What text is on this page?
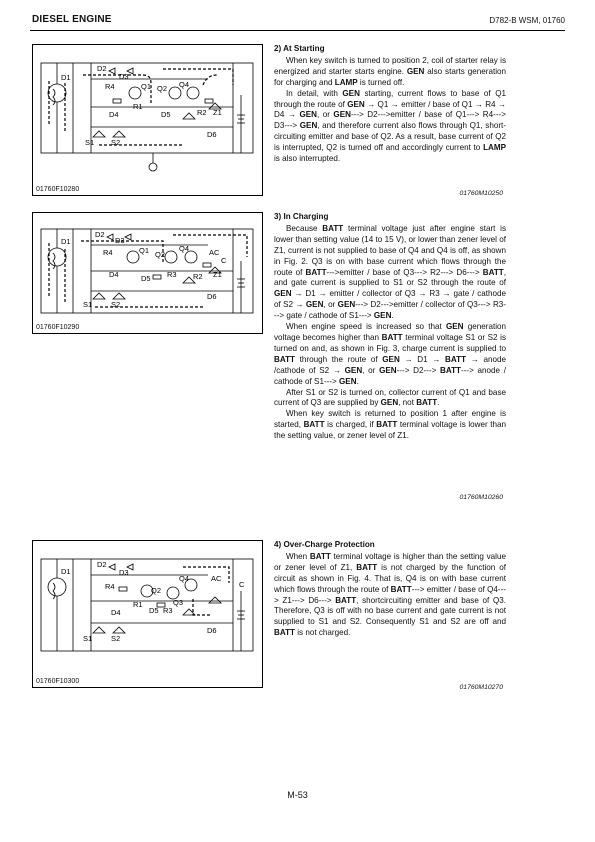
DIESEL ENGINE	D782-B WSM, 01760
D1
D2
D3
R4	Q1 Q2 Q4
R1
R2 Z1
D4	D5
D6
S1 S2
01760F10280
D1
D2
D3
R4	Q1 Q2
Q4	AC
C
Z1
R2
R3
D4	D5
D6
S1	S2
01760F10290
D1
D2
D3
R4	Q2
Q3
Q4	AC
C
R1
R3
D4	D5
D6
S1	S2
01760F10300
2) At Starting

When key switch is turned to position 2, coil of starter relay is energized and starter starts engine. GEN also starts generation for charging and LAMP is turned off.

In detail, with GEN starting, current flows to base of Q1 through the route of GEN → Q1 → emitter / base of Q1 → R4 → D4 → GEN, or GEN---> D2--->emitter / base of Q1---> R4---> D3---> GEN, and therefore current also flows through Q1, short-circuiting emitter and base of Q2. As a result, base current of Q2 is interrupted, Q2 is turned off and accordingly current to LAMP is also interrupted.

01760M10250
3) In Charging

Because BATT terminal voltage just after engine start is lower than setting value (14 to 15 V), or lower than zener level of Z1, current is not supplied to base of Q4 and Q4 is off, as shown in Fig. 2. Q3 is on with base current which flows through the route of BATT--->emitter / base of Q3---> R2---> D6---> BATT, and gate current is supplied to S1 or S2 through the route of GEN → D1 → emitter / collector of Q3 → R3 → gate / cathode of S2 → GEN, or GEN---> D2--->emitter / collector of Q3---> R3---> gate / cathode of S1---> GEN.

When engine speed is increased so that GEN generation voltage becomes higher than BATT terminal voltage S1 or S2 is turned on and, as shown in Fig. 3, charge current is supplied to BATT through the route of GEN → D1 → BATT → anode /cathode of S2 → GEN, or GEN---> D2---> BATT---> anode / cathode of S1---> GEN.

After S1 or S2 is turned on, collector current of Q1 and base current of Q3 are supplied by GEN, not BATT.

When key switch is returned to position 1 after engine is started, BATT is charged, if BATT terminal voltage is lower than the setting value, or zener level of Z1.

01760M10260
4) Over-Charge Protection

When BATT terminal voltage is higher than the setting value or zener level of Z1, BATT is not charged by the function of circuit as shown in Fig. 4. That is, Q4 is on with base current which flows through the route of BATT---> emitter / base of Q4---> Z1---> D6---> BATT, shortcircuiting emitter and base of Q3. Therefore, Q3 is off with no base current and gate current is not supplied to S1 and S2. Consequently S1 and S2 are off and BATT is not charged.

01760M10270
M-53
